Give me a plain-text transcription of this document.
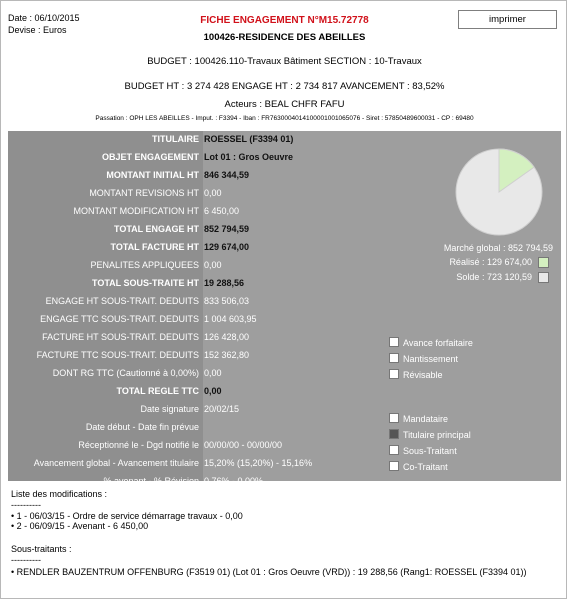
Date : 06/10/2015
Devise : Euros
FICHE ENGAGEMENT N°M15.72778
100426-RESIDENCE DES ABEILLES
imprimer
BUDGET : 100426.110-Travaux Bâtiment SECTION : 10-Travaux
BUDGET HT : 3 274 428 ENGAGE HT : 2 734 817 AVANCEMENT : 83,52%
Acteurs : BEAL CHFR FAFU
Passation : OPH LES ABEILLES - Imput. : F3394 - Iban : FR7630004014100001001065076 - Siret : 57850489600031 - CP : 69480
TITULAIRE ROESSEL (F3394 01)
OBJET ENGAGEMENT Lot 01 : Gros Oeuvre
MONTANT INITIAL HT 846 344,59
MONTANT REVISIONS HT 0,00
MONTANT MODIFICATION HT 6 450,00
TOTAL ENGAGE HT 852 794,59
TOTAL FACTURE HT 129 674,00
PENALITES APPLIQUEES 0,00
TOTAL SOUS-TRAITE HT 19 288,56
ENGAGE HT SOUS-TRAIT. DEDUITS 833 506,03
ENGAGE TTC SOUS-TRAIT. DEDUITS 1 004 603,95
FACTURE HT SOUS-TRAIT. DEDUITS 126 428,00
FACTURE TTC SOUS-TRAIT. DEDUITS 152 362,80
DONT RG TTC (Cautionné à 0,00%) 0,00
TOTAL REGLE TTC 0,00
Date signature 20/02/15
Date début - Date fin prévue
Réceptionné le - Dgd notifié le 00/00/00 - 00/00/00
Avancement global - Avancement titulaire 15,20% (15,20%) - 15,16%
% avenant - % Révision 0,76% - 0,00%
% sous-traitée - Av. co et sous-traité 2,26% - 16,82%
Marché global : 852 794,59
Réalisé : 129 674,00
Solde : 723 120,59
Avance forfaitaire
Nantissement
Révisable
Mandataire
Titulaire principal
Sous-Traitant
Co-Traitant
Liste des modifications :
----------
• 1 - 06/03/15 - Ordre de service démarrage travaux - 0,00
• 2 - 06/09/15 - Avenant - 6 450,00
Sous-traitants :
----------
• RENDLER BAUZENTRUM OFFENBURG (F3519 01) (Lot 01 : Gros Oeuvre (VRD)) : 19 288,56 (Rang1: ROESSEL (F3394 01))
